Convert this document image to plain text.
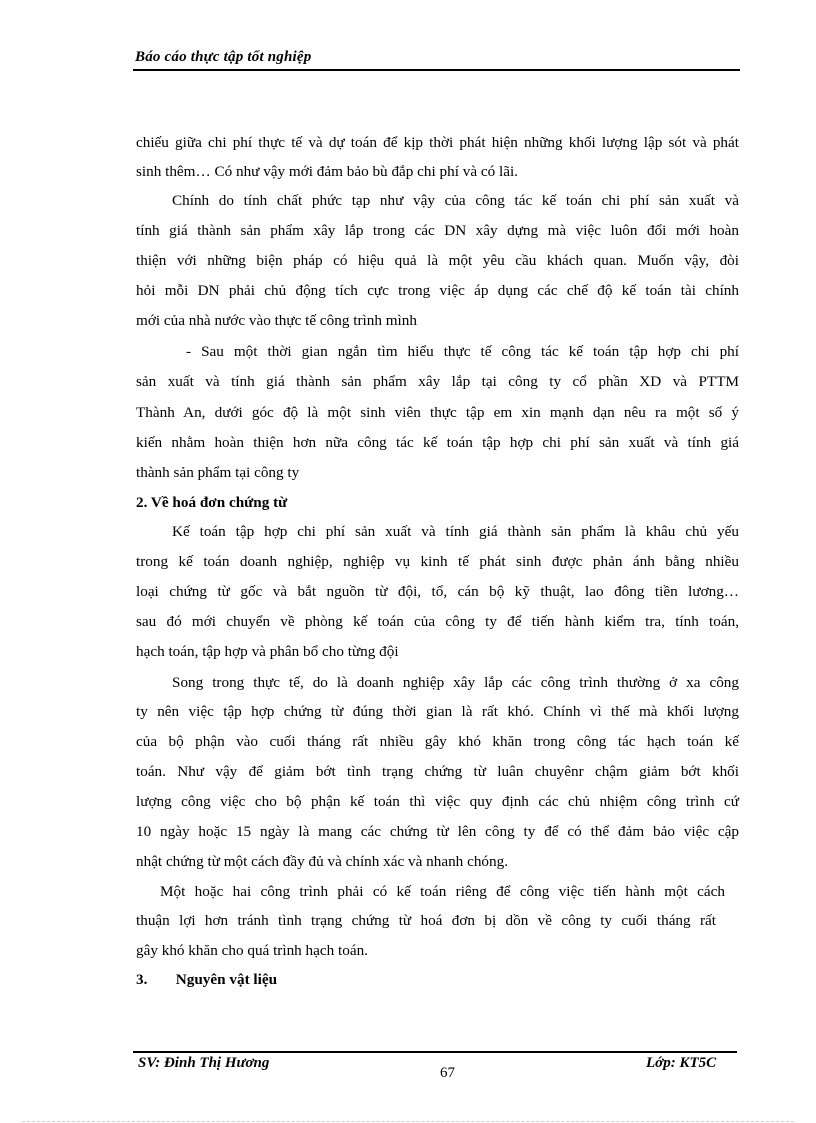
Báo cáo thực tập tốt nghiệp
chiếu giữa chi phí thực tế và dự toán để kịp thời phát hiện những khối lượng lập sót và phát
sinh thêm… Có như vậy mới đảm bảo bù đắp chi phí và có lãi.
Chính do tính chất phức tạp như vậy của công tác kế toán chi phí sản xuất và
tính giá thành sản phẩm xây lắp trong các DN xây dựng mà việc luôn đổi mới hoàn
thiện với những biện pháp có hiệu quả là một yêu cầu khách quan. Muốn vậy, đòi
hỏi mỗi DN phải chủ động tích cực trong việc áp dụng các chế độ kế toán tài chính
mới của nhà nước vào thực tế công trình mình
- Sau một thời gian ngắn tìm hiểu thực tế công tác kế toán tập hợp chi phí
sản xuất và tính giá thành sản phẩm xây lắp tại công ty cổ phần XD và PTTM
Thành An, dưới góc độ là một sinh viên thực tập em xin mạnh dạn nêu ra một số ý
kiến nhằm hoàn thiện hơn nữa công tác kế toán tập hợp chi phí sản xuất và tính giá
thành sản phẩm tại công ty
2. Về hoá đơn chứng từ
Kế toán tập hợp chi phí sản xuất và tính giá thành sản phẩm là khâu chủ yếu
trong kế toán doanh nghiệp, nghiệp vụ kinh tế phát sinh được phản ánh bằng nhiều
loại chứng từ gốc và bắt nguồn từ đội, tổ, cán bộ kỹ thuật, lao đông tiền lương…
sau đó mới chuyển về phòng kế toán của công ty để tiến hành kiểm tra, tính toán,
hạch toán, tập hợp và phân bổ cho từng đội
Song trong thực tế, do là doanh nghiệp xây lắp các công trình thường ở xa công
ty nên việc tập hợp chứng từ đúng thời gian là rất khó. Chính vì thế mà khối lượng
của bộ phận vào cuối tháng rất nhiều gây khó khăn trong công tác hạch toán kế
toán. Như vậy để giảm bớt tình trạng chứng từ luân chuyênr chậm giảm bớt khối
lượng công việc cho bộ phận kế toán thì việc quy định các chủ nhiệm công trình cứ
10 ngày hoặc 15 ngày là mang các chứng từ lên công ty để có thể đảm bảo việc cập
nhật chứng từ một cách đầy đủ và chính xác và nhanh chóng.
Một hoặc hai công trình phải có kế toán riêng để công việc tiến hành một cách
thuận lợi hơn tránh tình trạng chứng từ hoá đơn bị dồn về công ty cuối tháng rất
gây khó khăn cho quá trình hạch toán.
3. Nguyên vật liệu
SV: Đinh Thị Hương
67
Lớp: KT5C
